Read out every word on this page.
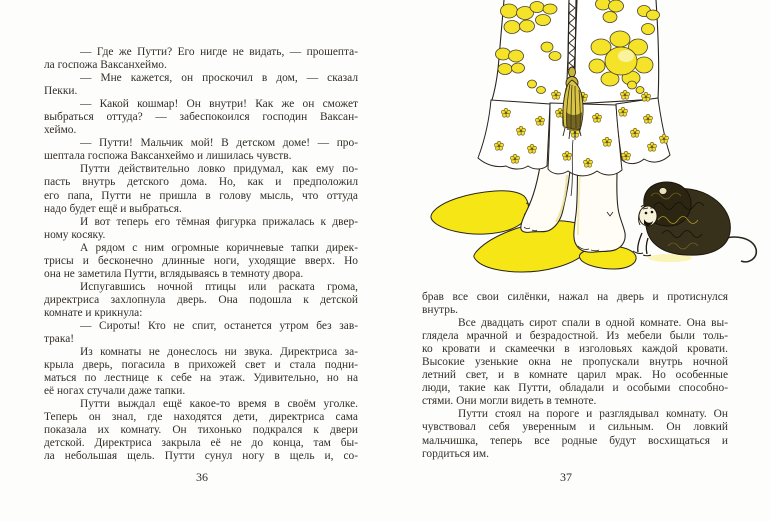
— Где же Путти? Его нигде не видать, — прошепта-
ла госпожа Ваксанхеймо.
— Мне кажется, он проскочил в дом, — сказал
Пекки.
— Какой кошмар! Он внутри! Как же он сможет
выбраться оттуда? — забеспокоился господин Ваксан-
хеймо.
— Путти! Мальчик мой! В детском доме! — про-
шептала госпожа Ваксанхеймо и лишилась чувств.
Путти действительно ловко придумал, как ему по-
пасть внутрь детского дома. Но, как и предположил
его папа, Путти не пришла в голову мысль, что оттуда
надо будет ещё и выбраться.
И вот теперь его тёмная фигурка прижалась к двер-
ному косяку.
А рядом с ним огромные коричневые тапки дирек-
трисы и бесконечно длинные ноги, уходящие вверх. Но
она не заметила Путти, вглядываясь в темноту двора.
Испугавшись ночной птицы или раската грома,
директриса захлопнула дверь. Она подошла к детской
комнате и крикнула:
— Сироты! Кто не спит, останется утром без зав-
трака!
Из комнаты не донеслось ни звука. Директриса за-
крыла дверь, погасила в прихожей свет и стала подни-
маться по лестнице к себе на этаж. Удивительно, но на
её ногах стучали даже тапки.
Путти выждал ещё какое-то время в своём уголке.
Теперь он знал, где находятся дети, директриса сама
показала их комнату. Он тихонько подкрался к двери
детской. Директриса закрыла её не до конца, там бы-
ла небольшая щель. Путти сунул ногу в щель и, со-
брав все свои силёнки, нажал на дверь и протиснулся
внутрь.
Все двадцать сирот спали в одной комнате. Она вы-
глядела мрачной и безрадостной. Из мебели были толь-
ко кровати и скамеечки в изголовьях каждой кровати.
Высокие узенькие окна не пропускали внутрь ночной
летний свет, и в комнате царил мрак. Но особенные
люди, такие как Путти, обладали и особыми способно-
стями. Они могли видеть в темноте.
Путти стоял на пороге и разглядывал комнату. Он
чувствовал себя уверенным и сильным. Он ловкий
мальчишка, теперь все родные будут восхищаться и
гордиться им.
36	37
